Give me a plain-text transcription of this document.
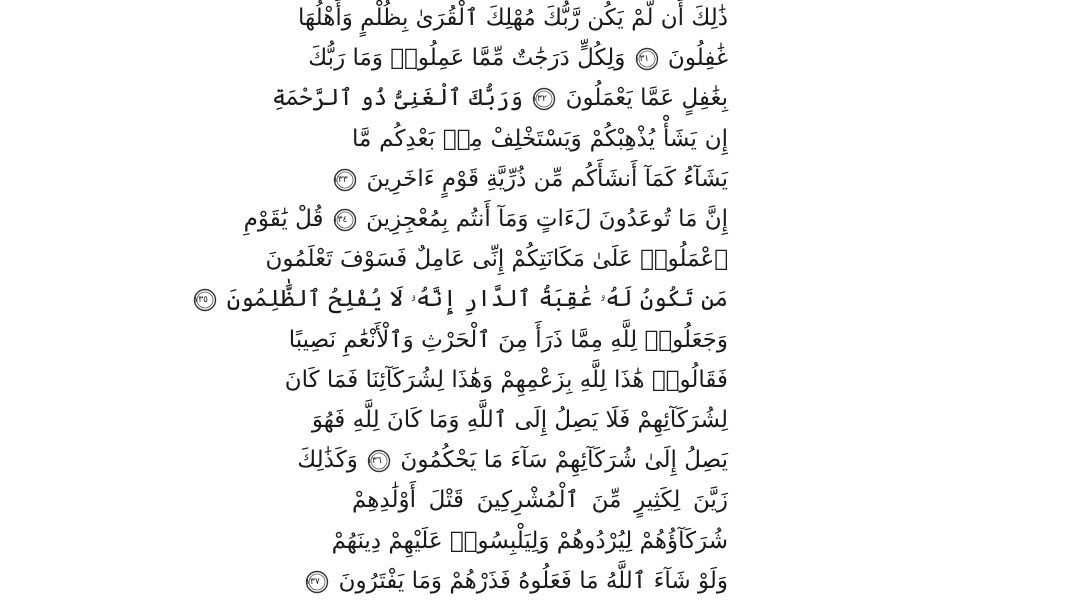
ذَٰلِكَ أَن لَّمْ يَكُن رَّبُّكَ مُهْلِكَ ٱلْقُرَىٰ بِظُلْمٍ وَأَهْلُهَا
غَٰفِلُونَ
١٣١
وَلِكُلٍّ دَرَجَٰتٌ مِّمَّا عَمِلُوا۟ وَمَا رَبُّكَ
بِغَٰفِلٍ عَمَّا يَعْمَلُونَ
١٣٢
وَرَبُّكَ ٱلْغَنِىُّ ذُو ٱلرَّحْمَةِ
إِن يَشَأْ يُذْهِبْكُمْ وَيَسْتَخْلِفْ مِنۢ بَعْدِكُم مَّا
يَشَآءُ كَمَآ أَنشَأَكُم مِّن ذُرِّيَّةِ قَوْمٍ ءَاخَرِينَ
١٣٣
إِنَّ مَا تُوعَدُونَ لَءَاتٍ وَمَآ أَنتُم بِمُعْجِزِينَ
١٣٤
قُلْ يَٰقَوْمِ
ٱعْمَلُوا۟ عَلَىٰ مَكَانَتِكُمْ إِنِّى عَامِلٌ فَسَوْفَ تَعْلَمُونَ
مَن تَكُونُ لَهُۥ عَٰقِبَةُ ٱلدَّارِ إِنَّهُۥ لَا يُفْلِحُ ٱلظَّٰلِمُونَ
١٣٥
وَجَعَلُوا۟ لِلَّهِ مِمَّا ذَرَأَ مِنَ ٱلْحَرْثِ وَٱلْأَنْعَٰمِ نَصِيبًا
فَقَالُوا۟ هَٰذَا لِلَّهِ بِزَعْمِهِمْ وَهَٰذَا لِشُرَكَآئِنَا فَمَا كَانَ
لِشُرَكَآئِهِمْ فَلَا يَصِلُ إِلَى ٱللَّهِ وَمَا كَانَ لِلَّهِ فَهُوَ
يَصِلُ إِلَىٰ شُرَكَآئِهِمْ سَآءَ مَا يَحْكُمُونَ
١٣٦
وَكَذَٰلِكَ
زَيَّنَ لِكَثِيرٍ مِّنَ ٱلْمُشْرِكِينَ قَتْلَ أَوْلَٰدِهِمْ
شُرَكَآؤُهُمْ لِيُرْدُوهُمْ وَلِيَلْبِسُوا۟ عَلَيْهِمْ دِينَهُمْ
وَلَوْ شَآءَ ٱللَّهُ مَا فَعَلُوهُ فَذَرْهُمْ وَمَا يَفْتَرُونَ
١٣٧
